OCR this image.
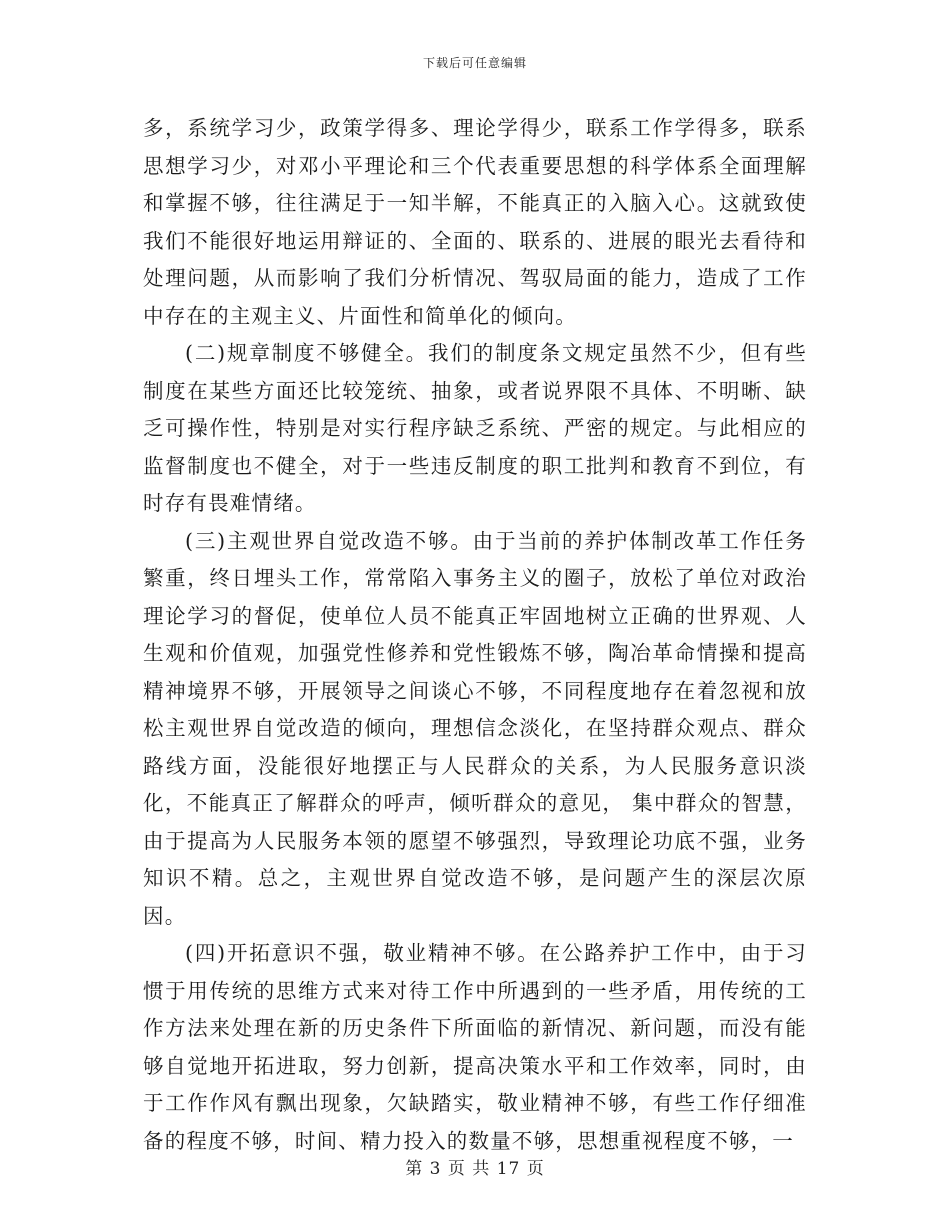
下载后可任意编辑

多，系统学习少，政策学得多、理论学得少，联系工作学得多，联系思想学习少，对邓小平理论和三个代表重要思想的科学体系全面理解和掌握不够，往往满足于一知半解，不能真正的入脑入心。这就致使我们不能很好地运用辩证的、全面的、联系的、进展的眼光去看待和处理问题，从而影响了我们分析情况、驾驭局面的能力，造成了工作中存在的主观主义、片面性和简单化的倾向。

(二)规章制度不够健全。我们的制度条文规定虽然不少，但有些制度在某些方面还比较笼统、抽象，或者说界限不具体、不明晰、缺乏可操作性，特别是对实行程序缺乏系统、严密的规定。与此相应的监督制度也不健全，对于一些违反制度的职工批判和教育不到位，有时存有畏难情绪。

(三)主观世界自觉改造不够。由于当前的养护体制改革工作任务繁重，终日埋头工作，常常陷入事务主义的圈子，放松了单位对政治理论学习的督促，使单位人员不能真正牢固地树立正确的世界观、人生观和价值观，加强党性修养和党性锻炼不够，陶冶革命情操和提高精神境界不够，开展领导之间谈心不够，不同程度地存在着忽视和放松主观世界自觉改造的倾向，理想信念淡化，在坚持群众观点、群众路线方面，没能很好地摆正与人民群众的关系，为人民服务意识淡化，不能真正了解群众的呼声，倾听群众的意见， 集中群众的智慧，由于提高为人民服务本领的愿望不够强烈，导致理论功底不强，业务知识不精。总之，主观世界自觉改造不够，是问题产生的深层次原因。

(四)开拓意识不强，敬业精神不够。在公路养护工作中，由于习惯于用传统的思维方式来对待工作中所遇到的一些矛盾，用传统的工作方法来处理在新的历史条件下所面临的新情况、新问题，而没有能够自觉地开拓进取，努力创新，提高决策水平和工作效率，同时，由于工作作风有飘出现象，欠缺踏实，敬业精神不够，有些工作仔细准备的程度不够，时间、精力投入的数量不够，思想重视程度不够，一

第 3 页 共 17 页
